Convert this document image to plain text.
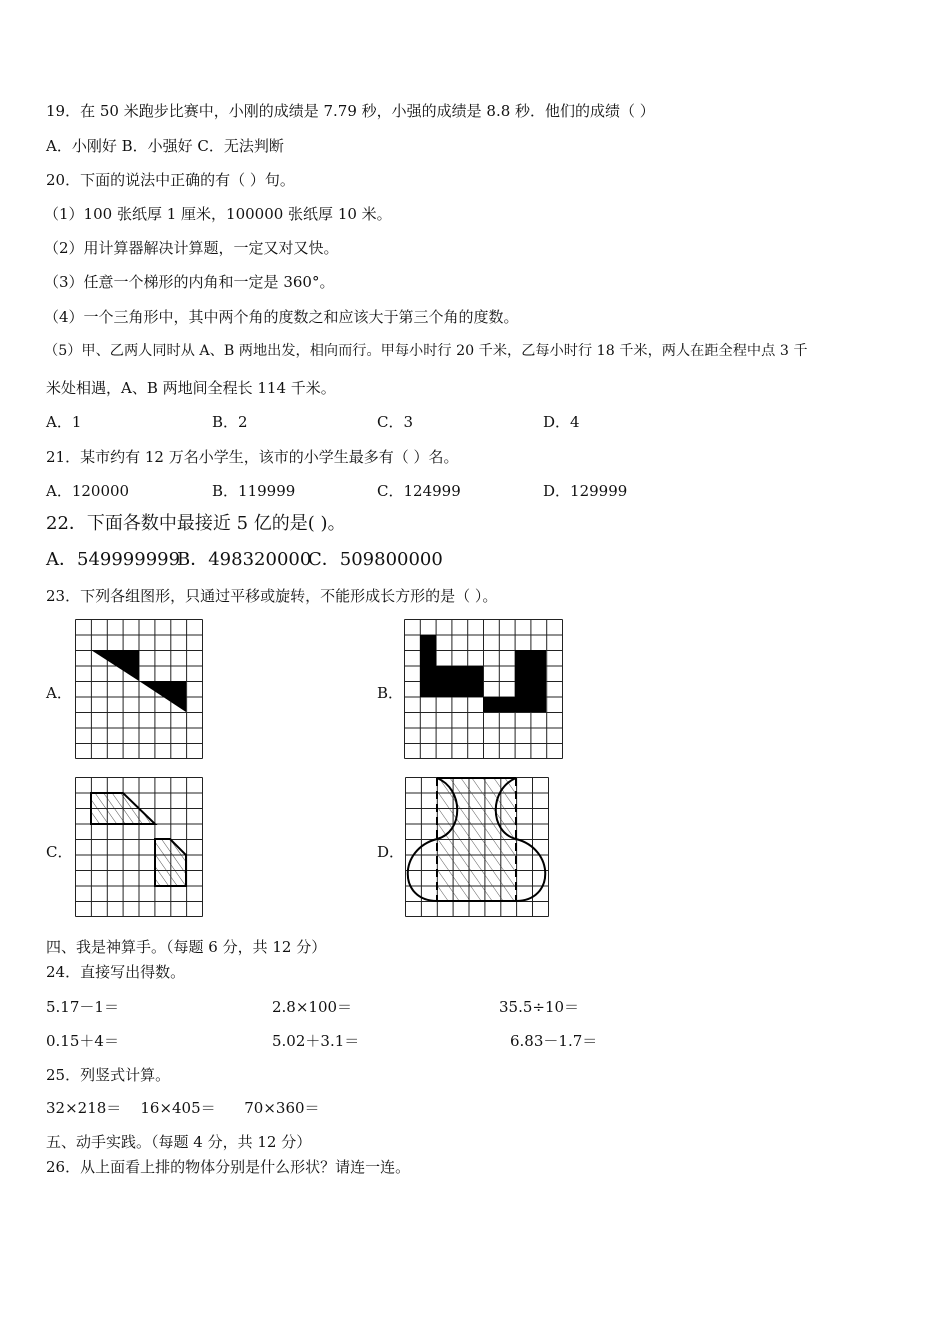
19．在 50 米跑步比赛中，小刚的成绩是 7.79 秒，小强的成绩是 8.8 秒．他们的成绩（ ）
A．小刚好 B．小强好 C．无法判断
20．下面的说法中正确的有（ ）句。
（1）100 张纸厚 1 厘米，100000 张纸厚 10 米。
（2）用计算器解决计算题，一定又对又快。
（3）任意一个梯形的内角和一定是 360°。
（4）一个三角形中，其中两个角的度数之和应该大于第三个角的度数。
（5）甲、乙两人同时从 A、B 两地出发，相向而行。甲每小时行 20 千米，乙每小时行 18 千米，两人在距全程中点 3 千
米处相遇，A、B 两地间全程长 114 千米。
A．1	B．2	C．3	D．4
21．某市约有 12 万名小学生，该市的小学生最多有（ ）名。
A．120000	B．119999	C．124999	D．129999
22．下面各数中最接近 5 亿的是( )。
A．549999999
B．498320000
C．509800000
23．下列各组图形，只通过平移或旋转，不能形成长方形的是（ ）。
A．	B．
C．	D．
四、我是神算手。（每题 6 分，共 12 分）
24．直接写出得数。
5.17－1＝	2.8×100＝	35.5÷10＝
0.15＋4＝	5.02＋3.1＝	6.83－1.7＝
25．列竖式计算。
32×218＝    16×405＝      70×360＝
五、动手实践。（每题 4 分，共 12 分）
26．从上面看上排的物体分别是什么形状？请连一连。
